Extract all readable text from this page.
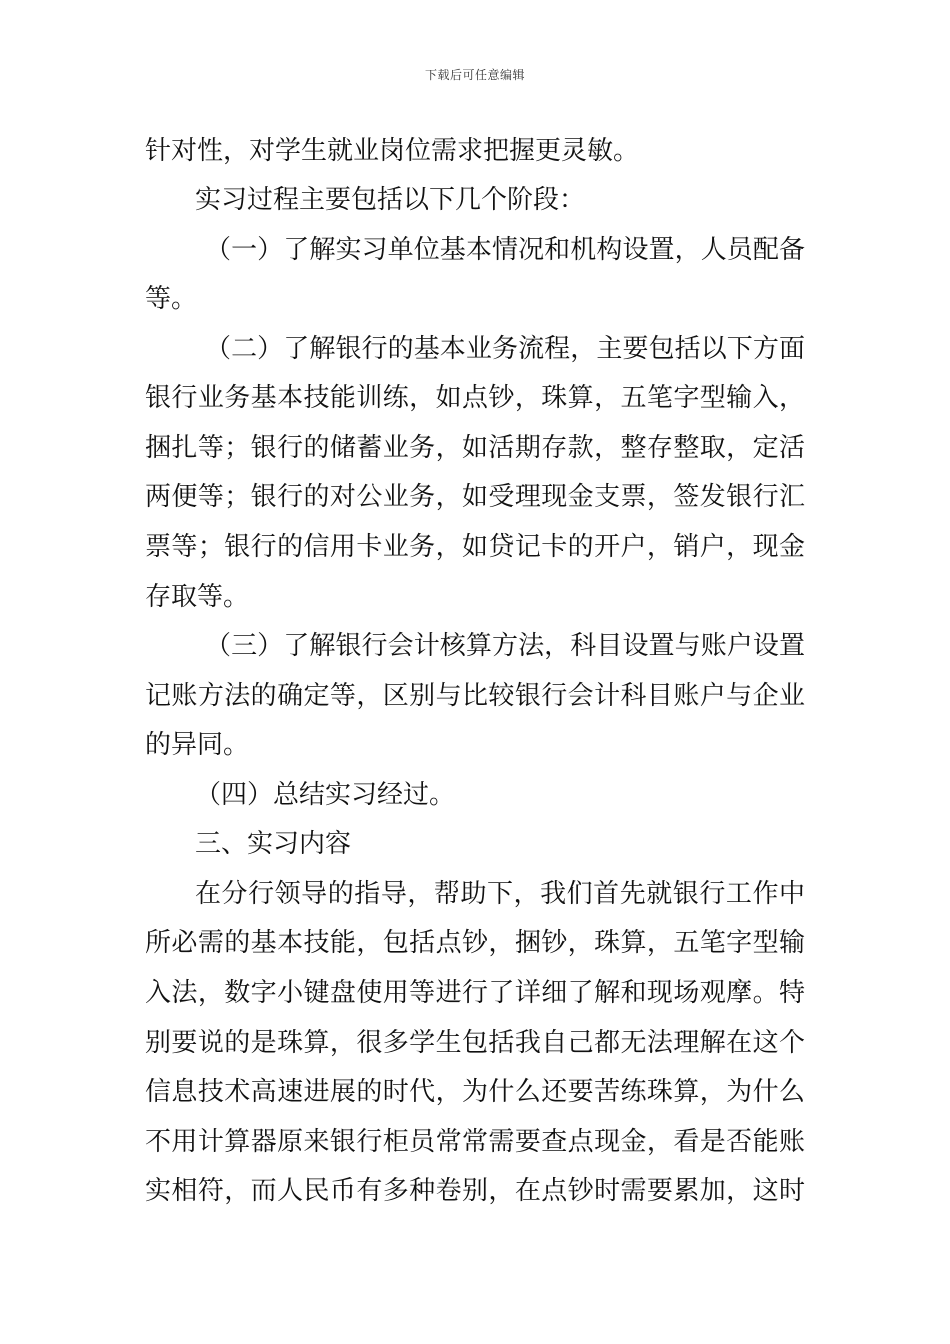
下载后可任意编辑
针对性，对学生就业岗位需求把握更灵敏。
实习过程主要包括以下几个阶段：
（一）了解实习单位基本情况和机构设置，人员配备
等。
（二）了解银行的基本业务流程，主要包括以下方面
银行业务基本技能训练，如点钞，珠算，五笔字型输入，
捆扎等；银行的储蓄业务，如活期存款，整存整取，定活
两便等；银行的对公业务，如受理现金支票，签发银行汇
票等；银行的信用卡业务，如贷记卡的开户，销户，现金
存取等。
（三）了解银行会计核算方法，科目设置与账户设置
记账方法的确定等，区别与比较银行会计科目账户与企业
的异同。
（四）总结实习经过。
三、实习内容
在分行领导的指导，帮助下，我们首先就银行工作中
所必需的基本技能，包括点钞，捆钞，珠算，五笔字型输
入法，数字小键盘使用等进行了详细了解和现场观摩。特
别要说的是珠算，很多学生包括我自己都无法理解在这个
信息技术高速进展的时代，为什么还要苦练珠算，为什么
不用计算器原来银行柜员常常需要查点现金，看是否能账
实相符，而人民币有多种卷别，在点钞时需要累加，这时
